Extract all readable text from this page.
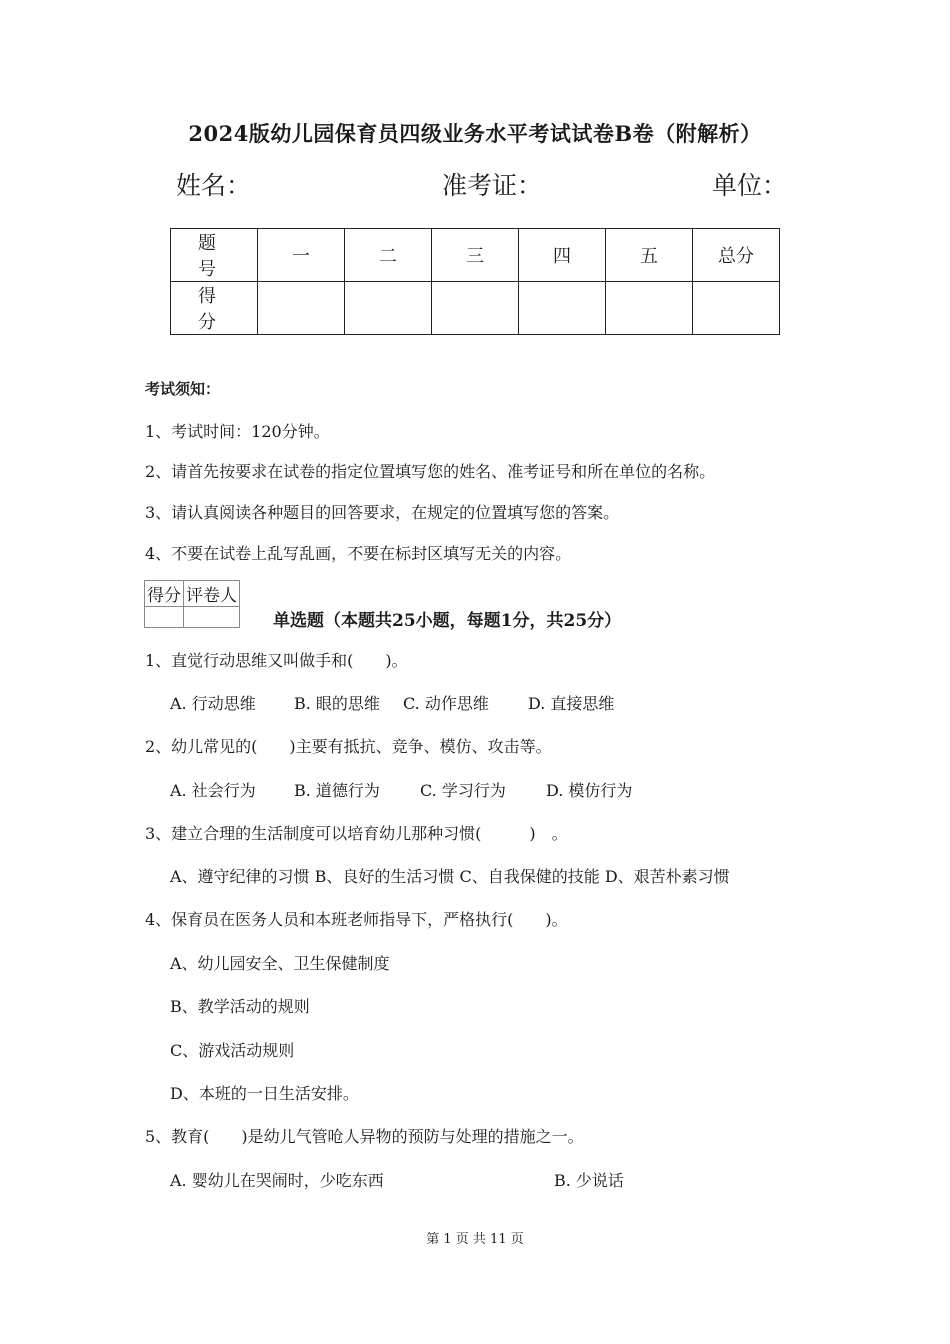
2024版幼儿园保育员四级业务水平考试试卷B卷（附解析）
姓名：	准考证：	单位：
题　号	一	二	三	四	五	总分
得　分						
考试须知：
1、考试时间：120分钟。
2、请首先按要求在试卷的指定位置填写您的姓名、准考证号和所在单位的名称。
3、请认真阅读各种题目的回答要求，在规定的位置填写您的答案。
4、不要在试卷上乱写乱画，不要在标封区填写无关的内容。
得分	评卷人

单选题（本题共25小题，每题1分，共25分）
1、直觉行动思维又叫做手和(　　)。
A. 行动思维 B. 眼的思维 C. 动作思维 D. 直接思维
2、幼儿常见的(　　)主要有抵抗、竞争、模仿、攻击等。
A. 社会行为 B. 道德行为	C. 学习行为	D. 模仿行为
3、建立合理的生活制度可以培育幼儿那种习惯(　　　)　。
A、遵守纪律的习惯 B、良好的生活习惯 C、自我保健的技能 D、艰苦朴素习惯
4、保育员在医务人员和本班老师指导下，严格执行(　　)。
A、幼儿园安全、卫生保健制度
B、教学活动的规则
C、游戏活动规则
D、本班的一日生活安排。
5、教育(　　)是幼儿气管呛人异物的预防与处理的措施之一。
A. 婴幼儿在哭闹时，少吃东西	B. 少说话
第 1 页 共 11 页
